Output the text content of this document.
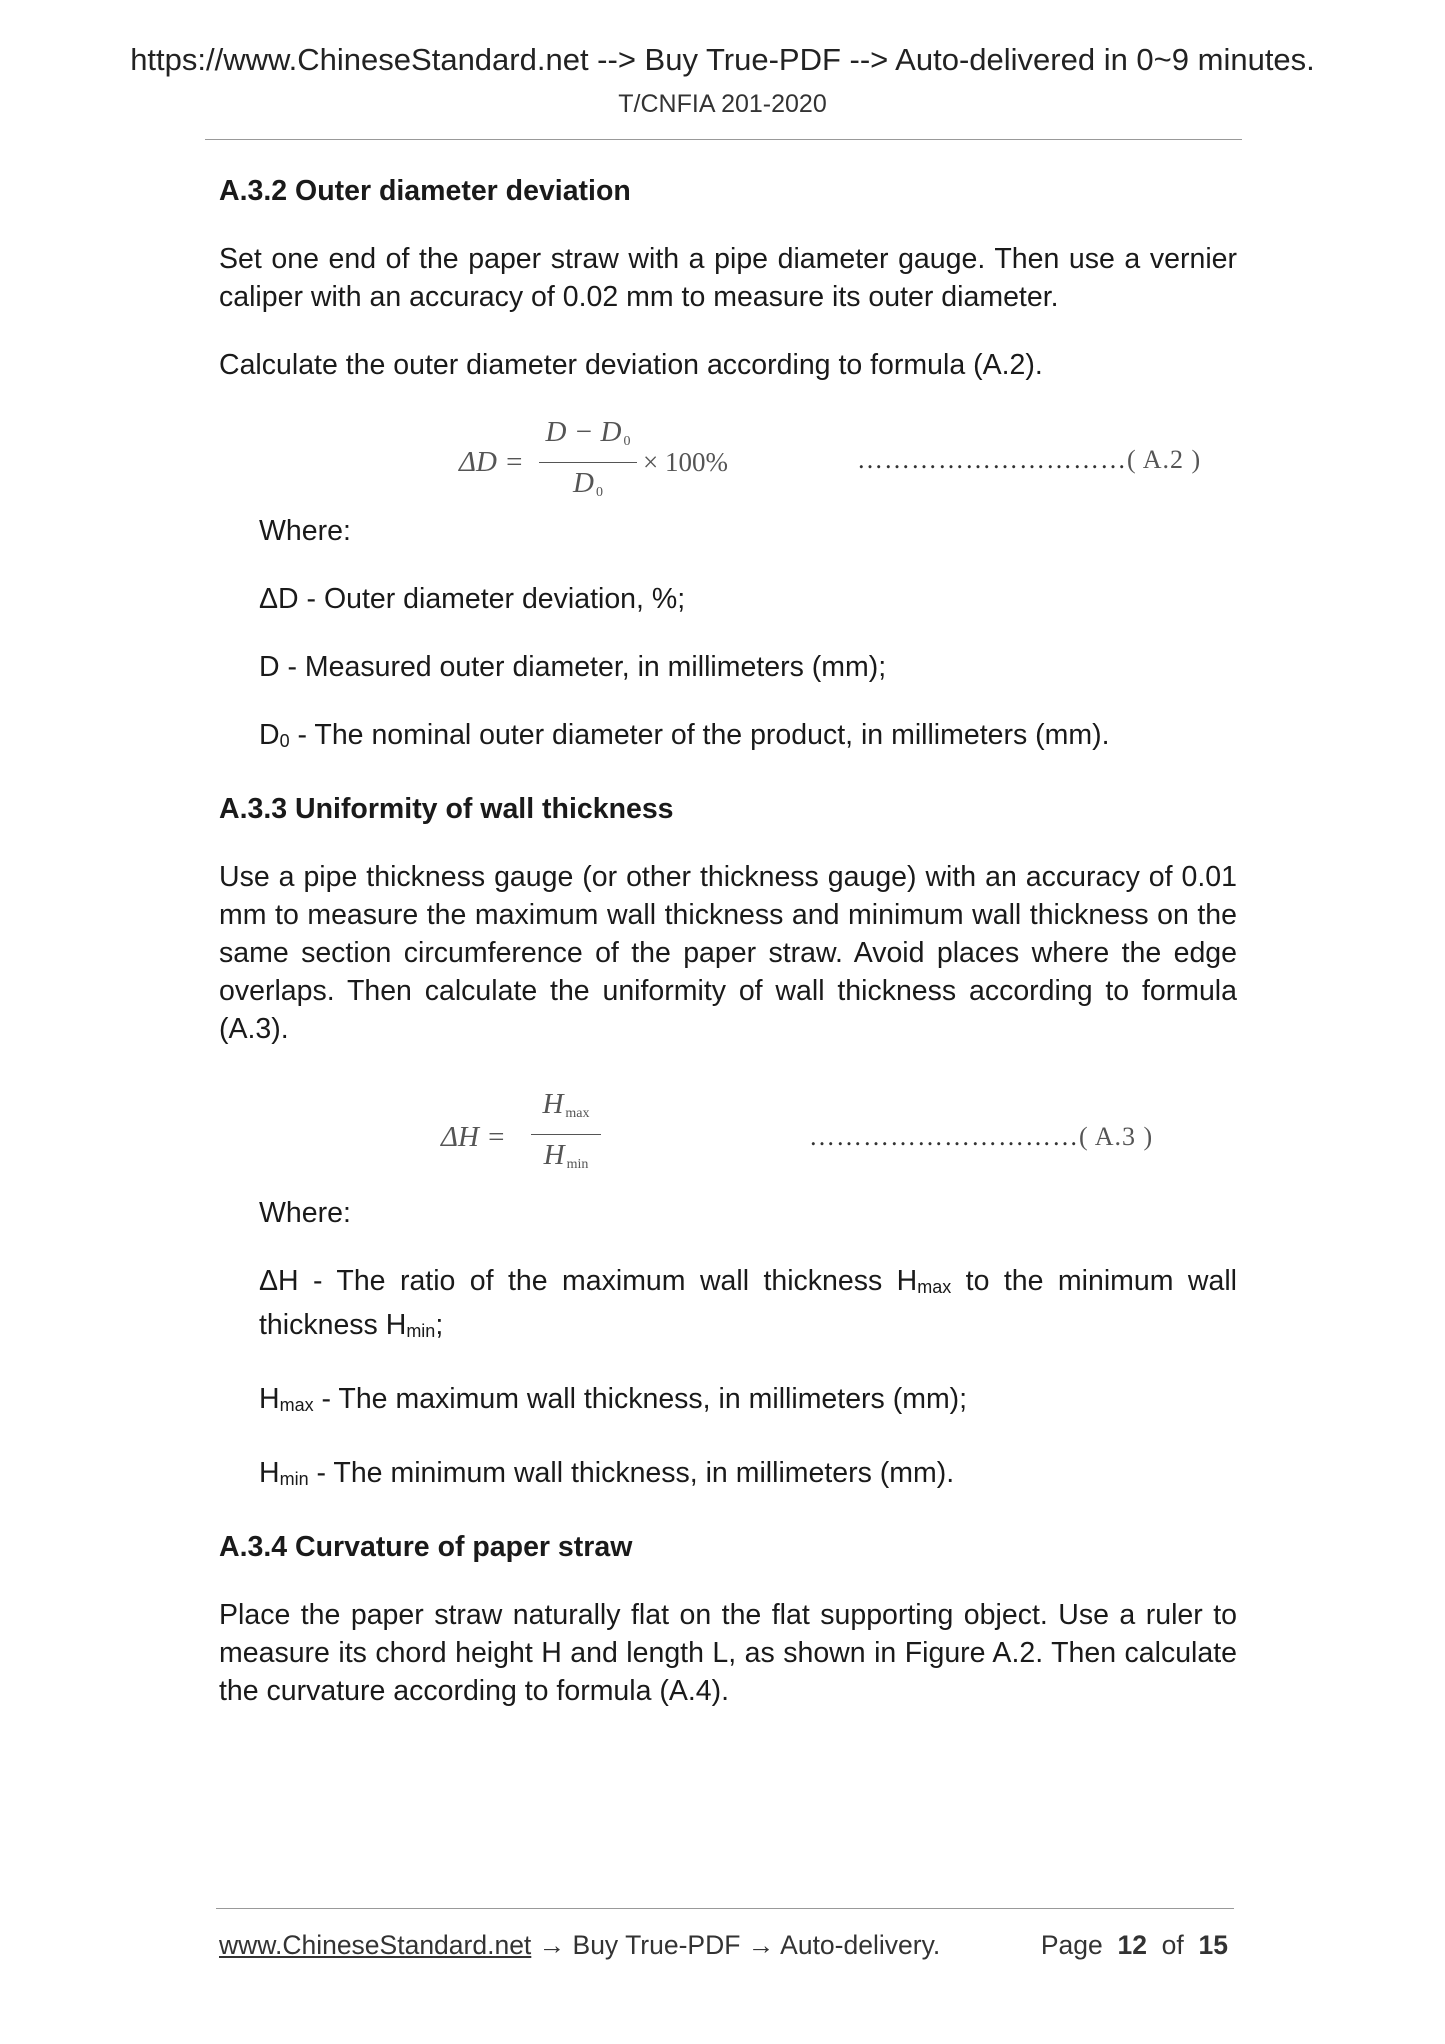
https://www.ChineseStandard.net --> Buy True-PDF --> Auto-delivered in 0~9 minutes.
T/CNFIA 201-2020
A.3.2 Outer diameter deviation

Set one end of the paper straw with a pipe diameter gauge. Then use a vernier caliper with an accuracy of 0.02 mm to measure its outer diameter.

Calculate the outer diameter deviation according to formula (A.2).

ΔD =
D − D $_0$
D $_0$
× 100%	…………………………( A.2 )

Where:

ΔD - Outer diameter deviation, %;

D - Measured outer diameter, in millimeters (mm);

D0 - The nominal outer diameter of the product, in millimeters (mm).

A.3.3 Uniformity of wall thickness

Use a pipe thickness gauge (or other thickness gauge) with an accuracy of 0.01 mm to measure the maximum wall thickness and minimum wall thickness on the same section circumference of the paper straw. Avoid places where the edge overlaps. Then calculate the uniformity of wall thickness according to formula (A.3).

ΔH =
H $_{max}$
H $_{min}$
…………………………( A.3 )

Where:

ΔH - The ratio of the maximum wall thickness Hmax to the minimum wall thickness Hmin;

Hmax - The maximum wall thickness, in millimeters (mm);

Hmin - The minimum wall thickness, in millimeters (mm).

A.3.4 Curvature of paper straw

Place the paper straw naturally flat on the flat supporting object. Use a ruler to measure its chord height H and length L, as shown in Figure A.2. Then calculate the curvature according to formula (A.4).

www.ChineseStandard.net → Buy True-PDF → Auto-delivery.	Page 12 of 15
